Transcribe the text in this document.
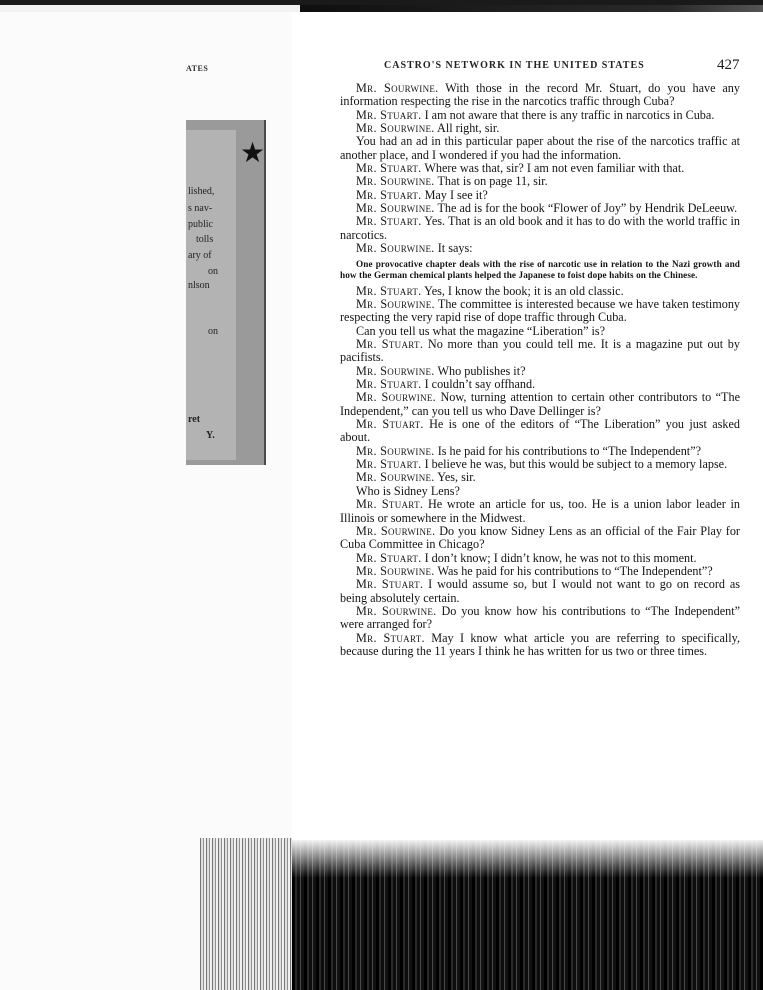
ATES
★
lished,
s nav-
public
tolls
ary of
on
nlson
on
ret
Y.
CASTRO'S NETWORK IN THE UNITED STATES	427

Mr. Sourwine. With those in the record Mr. Stuart, do you have any information respecting the rise in the narcotics traffic through Cuba?

Mr. Stuart. I am not aware that there is any traffic in narcotics in Cuba.

Mr. Sourwine. All right, sir.

You had an ad in this particular paper about the rise of the narcotics traffic at another place, and I wondered if you had the information.

Mr. Stuart. Where was that, sir? I am not even familiar with that.

Mr. Sourwine. That is on page 11, sir.

Mr. Stuart. May I see it?

Mr. Sourwine. The ad is for the book “Flower of Joy” by Hendrik DeLeeuw.

Mr. Stuart. Yes. That is an old book and it has to do with the world traffic in narcotics.

Mr. Sourwine. It says:

One provocative chapter deals with the rise of narcotic use in relation to the Nazi growth and how the German chemical plants helped the Japanese to foist dope habits on the Chinese.

Mr. Stuart. Yes, I know the book; it is an old classic.

Mr. Sourwine. The committee is interested because we have taken testimony respecting the very rapid rise of dope traffic through Cuba.

Can you tell us what the magazine “Liberation” is?

Mr. Stuart. No more than you could tell me. It is a magazine put out by pacifists.

Mr. Sourwine. Who publishes it?

Mr. Stuart. I couldn’t say offhand.

Mr. Sourwine. Now, turning attention to certain other contributors to “The Independent,” can you tell us who Dave Dellinger is?

Mr. Stuart. He is one of the editors of “The Liberation” you just asked about.

Mr. Sourwine. Is he paid for his contributions to “The Independent”?

Mr. Stuart. I believe he was, but this would be subject to a memory lapse.

Mr. Sourwine. Yes, sir.

Who is Sidney Lens?

Mr. Stuart. He wrote an article for us, too. He is a union labor leader in Illinois or somewhere in the Midwest.

Mr. Sourwine. Do you know Sidney Lens as an official of the Fair Play for Cuba Committee in Chicago?

Mr. Stuart. I don’t know; I didn’t know, he was not to this moment.

Mr. Sourwine. Was he paid for his contributions to “The Independent”?

Mr. Stuart. I would assume so, but I would not want to go on record as being absolutely certain.

Mr. Sourwine. Do you know how his contributions to “The Independent” were arranged for?

Mr. Stuart. May I know what article you are referring to specifically, because during the 11 years I think he has written for us two or three times.
